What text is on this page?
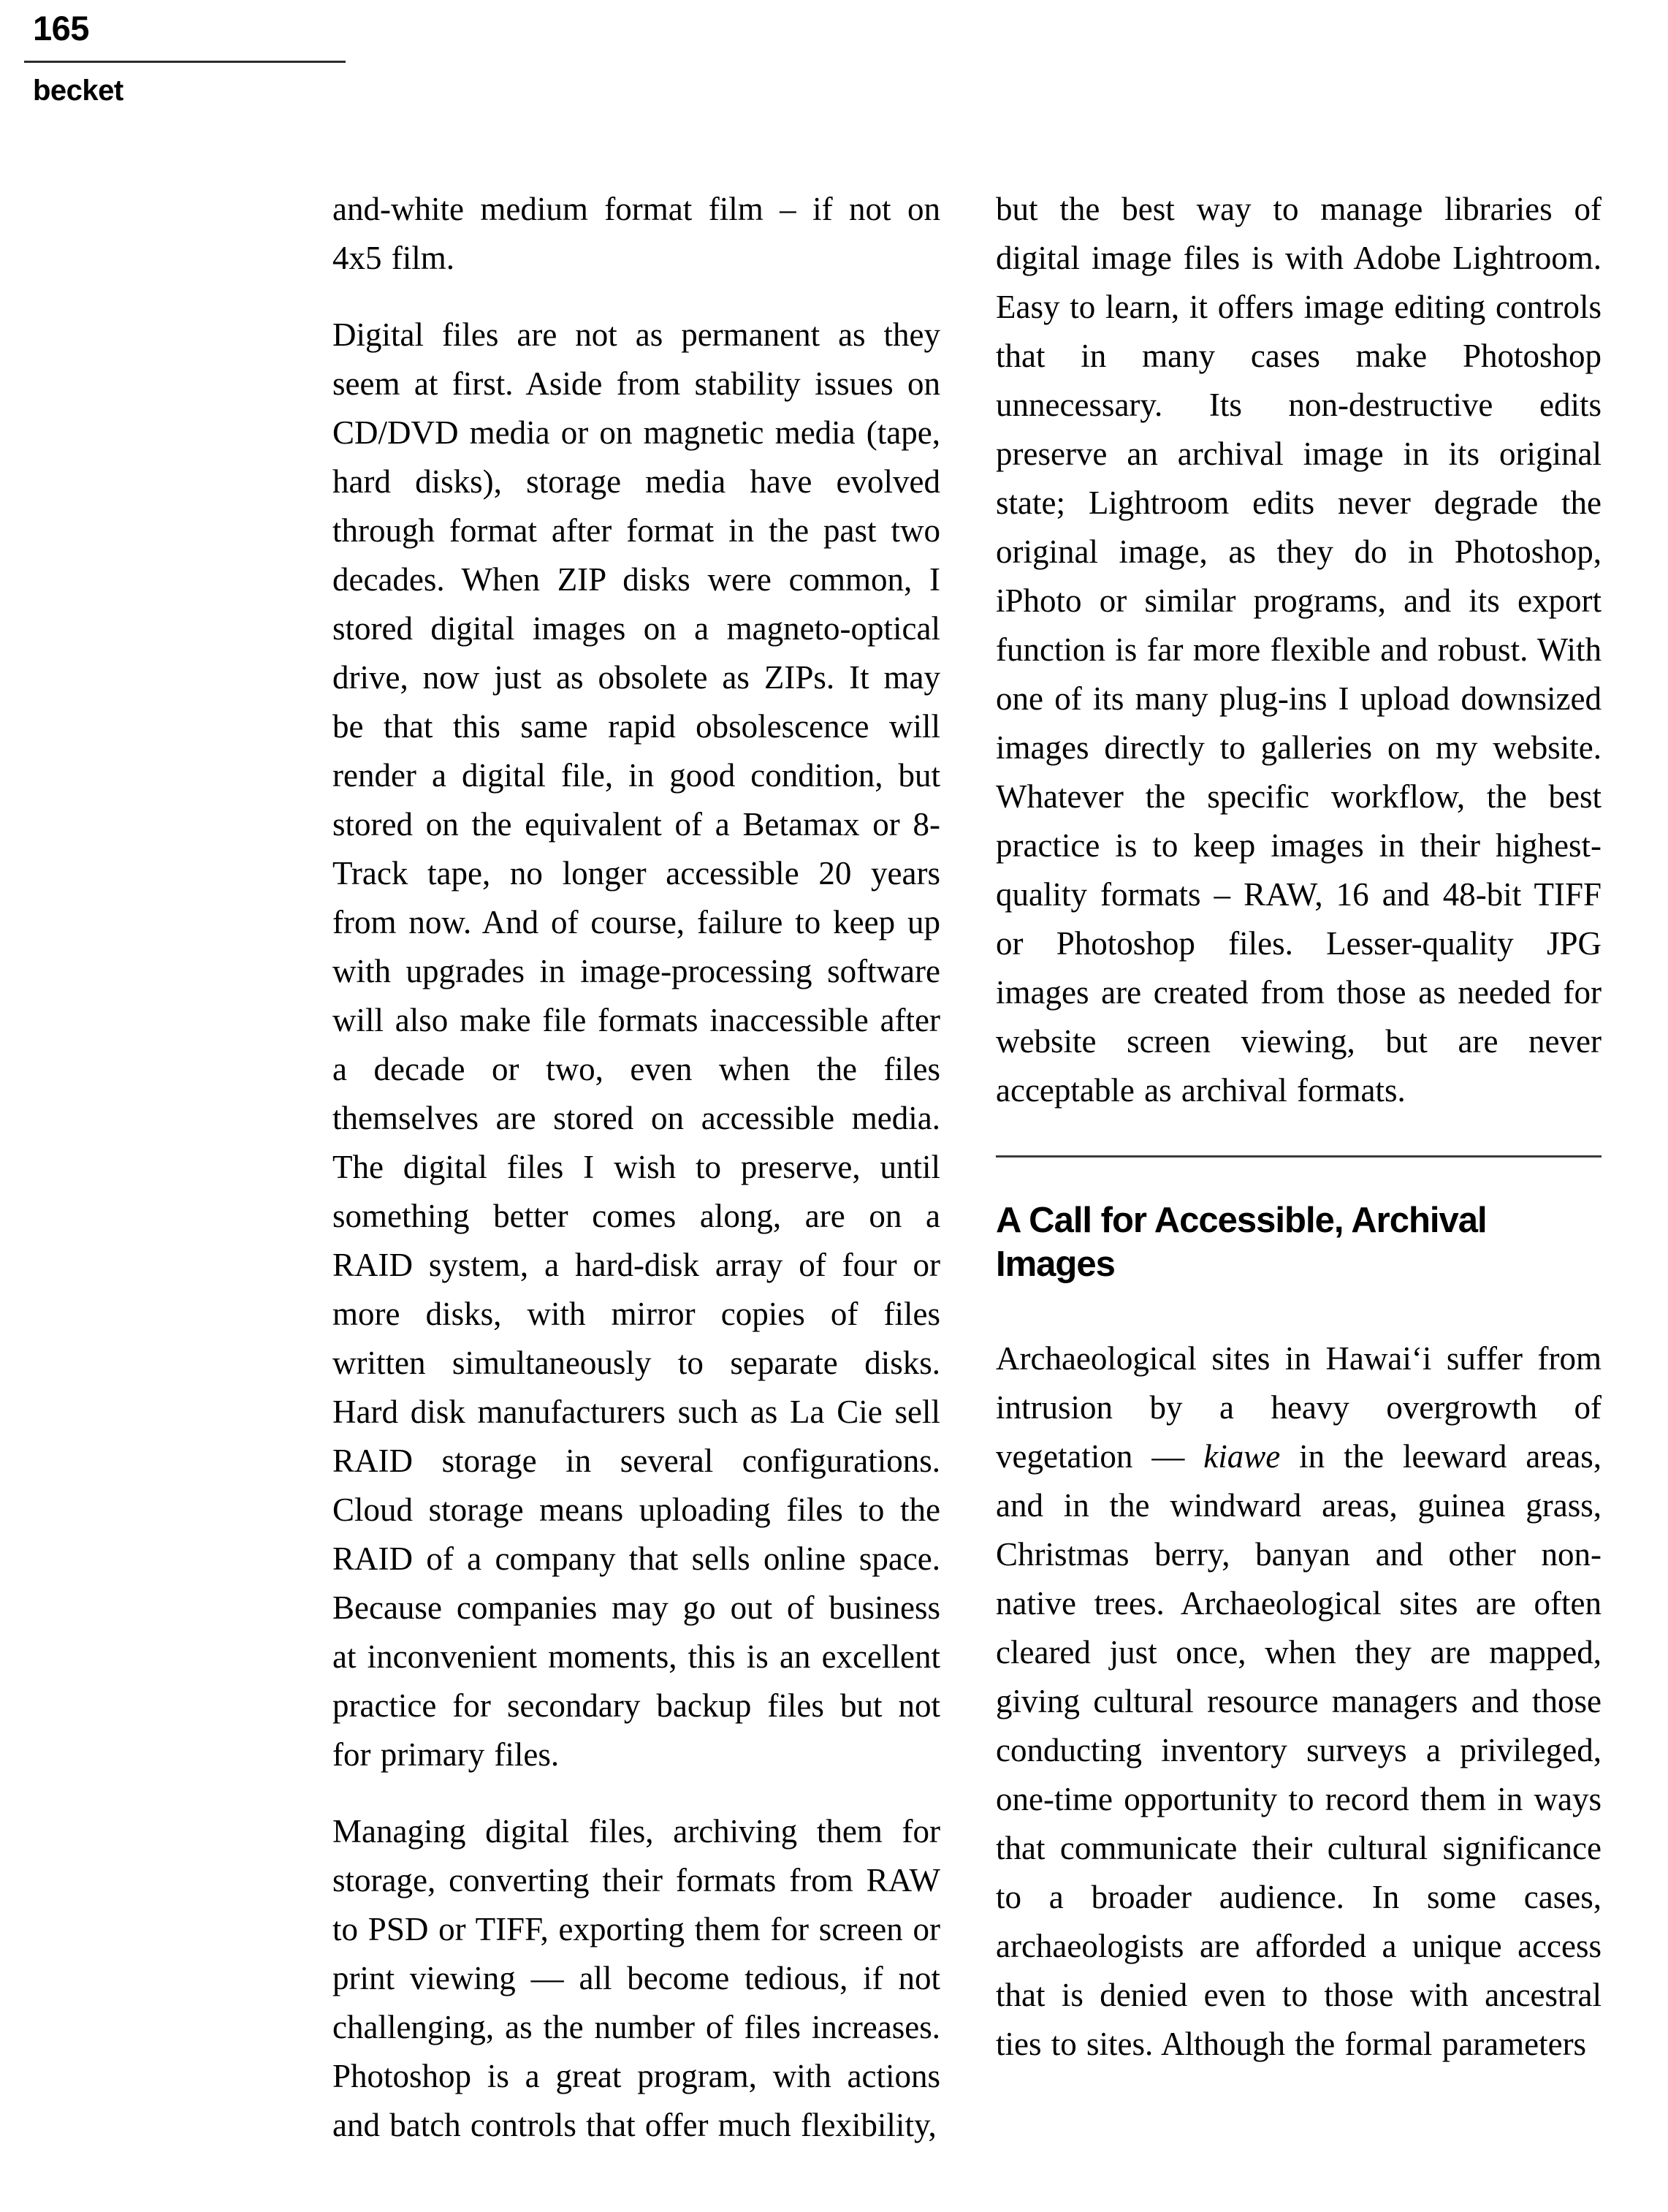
165
becket

and-white medium format film – if not on 4x5 film.

Digital files are not as permanent as they seem at first. Aside from stability issues on CD/DVD media or on magnetic media (tape, hard disks), storage media have evolved through format after format in the past two decades. When ZIP disks were common, I stored digital images on a magneto-optical drive, now just as obsolete as ZIPs. It may be that this same rapid obsolescence will render a digital file, in good condition, but stored on the equivalent of a Betamax or 8-Track tape, no longer accessible 20 years from now. And of course, failure to keep up with upgrades in image-processing software will also make file formats inaccessible after a decade or two, even when the files themselves are stored on accessible media. The digital files I wish to preserve, until something better comes along, are on a RAID system, a hard-disk array of four or more disks, with mirror copies of files written simultaneously to separate disks. Hard disk manufacturers such as La Cie sell RAID storage in several configurations. Cloud storage means uploading files to the RAID of a company that sells online space. Because companies may go out of business at inconvenient moments, this is an excellent practice for secondary backup files but not for primary files.

Managing digital files, archiving them for storage, converting their formats from RAW to PSD or TIFF, exporting them for screen or print viewing — all become tedious, if not challenging, as the number of files increases. Photoshop is a great program, with actions and batch controls that offer much flexibility,

but the best way to manage libraries of digital image files is with Adobe Lightroom. Easy to learn, it offers image editing controls that in many cases make Photoshop unnecessary. Its non-destructive edits preserve an archival image in its original state; Lightroom edits never degrade the original image, as they do in Photoshop, iPhoto or similar programs, and its export function is far more flexible and robust. With one of its many plug-ins I upload downsized images directly to galleries on my website. Whatever the specific workflow, the best practice is to keep images in their highest-quality formats – RAW, 16 and 48-bit TIFF or Photoshop files. Lesser-quality JPG images are created from those as needed for website screen viewing, but are never acceptable as archival formats.

A Call for Accessible, Archival Images

Archaeological sites in Hawaiʻi suffer from intrusion by a heavy overgrowth of vegetation — kiawe in the leeward areas, and in the windward areas, guinea grass, Christmas berry, banyan and other non-native trees. Archaeological sites are often cleared just once, when they are mapped, giving cultural resource managers and those conducting inventory surveys a privileged, one-time opportunity to record them in ways that communicate their cultural significance to a broader audience. In some cases, archaeologists are afforded a unique access that is denied even to those with ancestral ties to sites. Although the formal parameters
